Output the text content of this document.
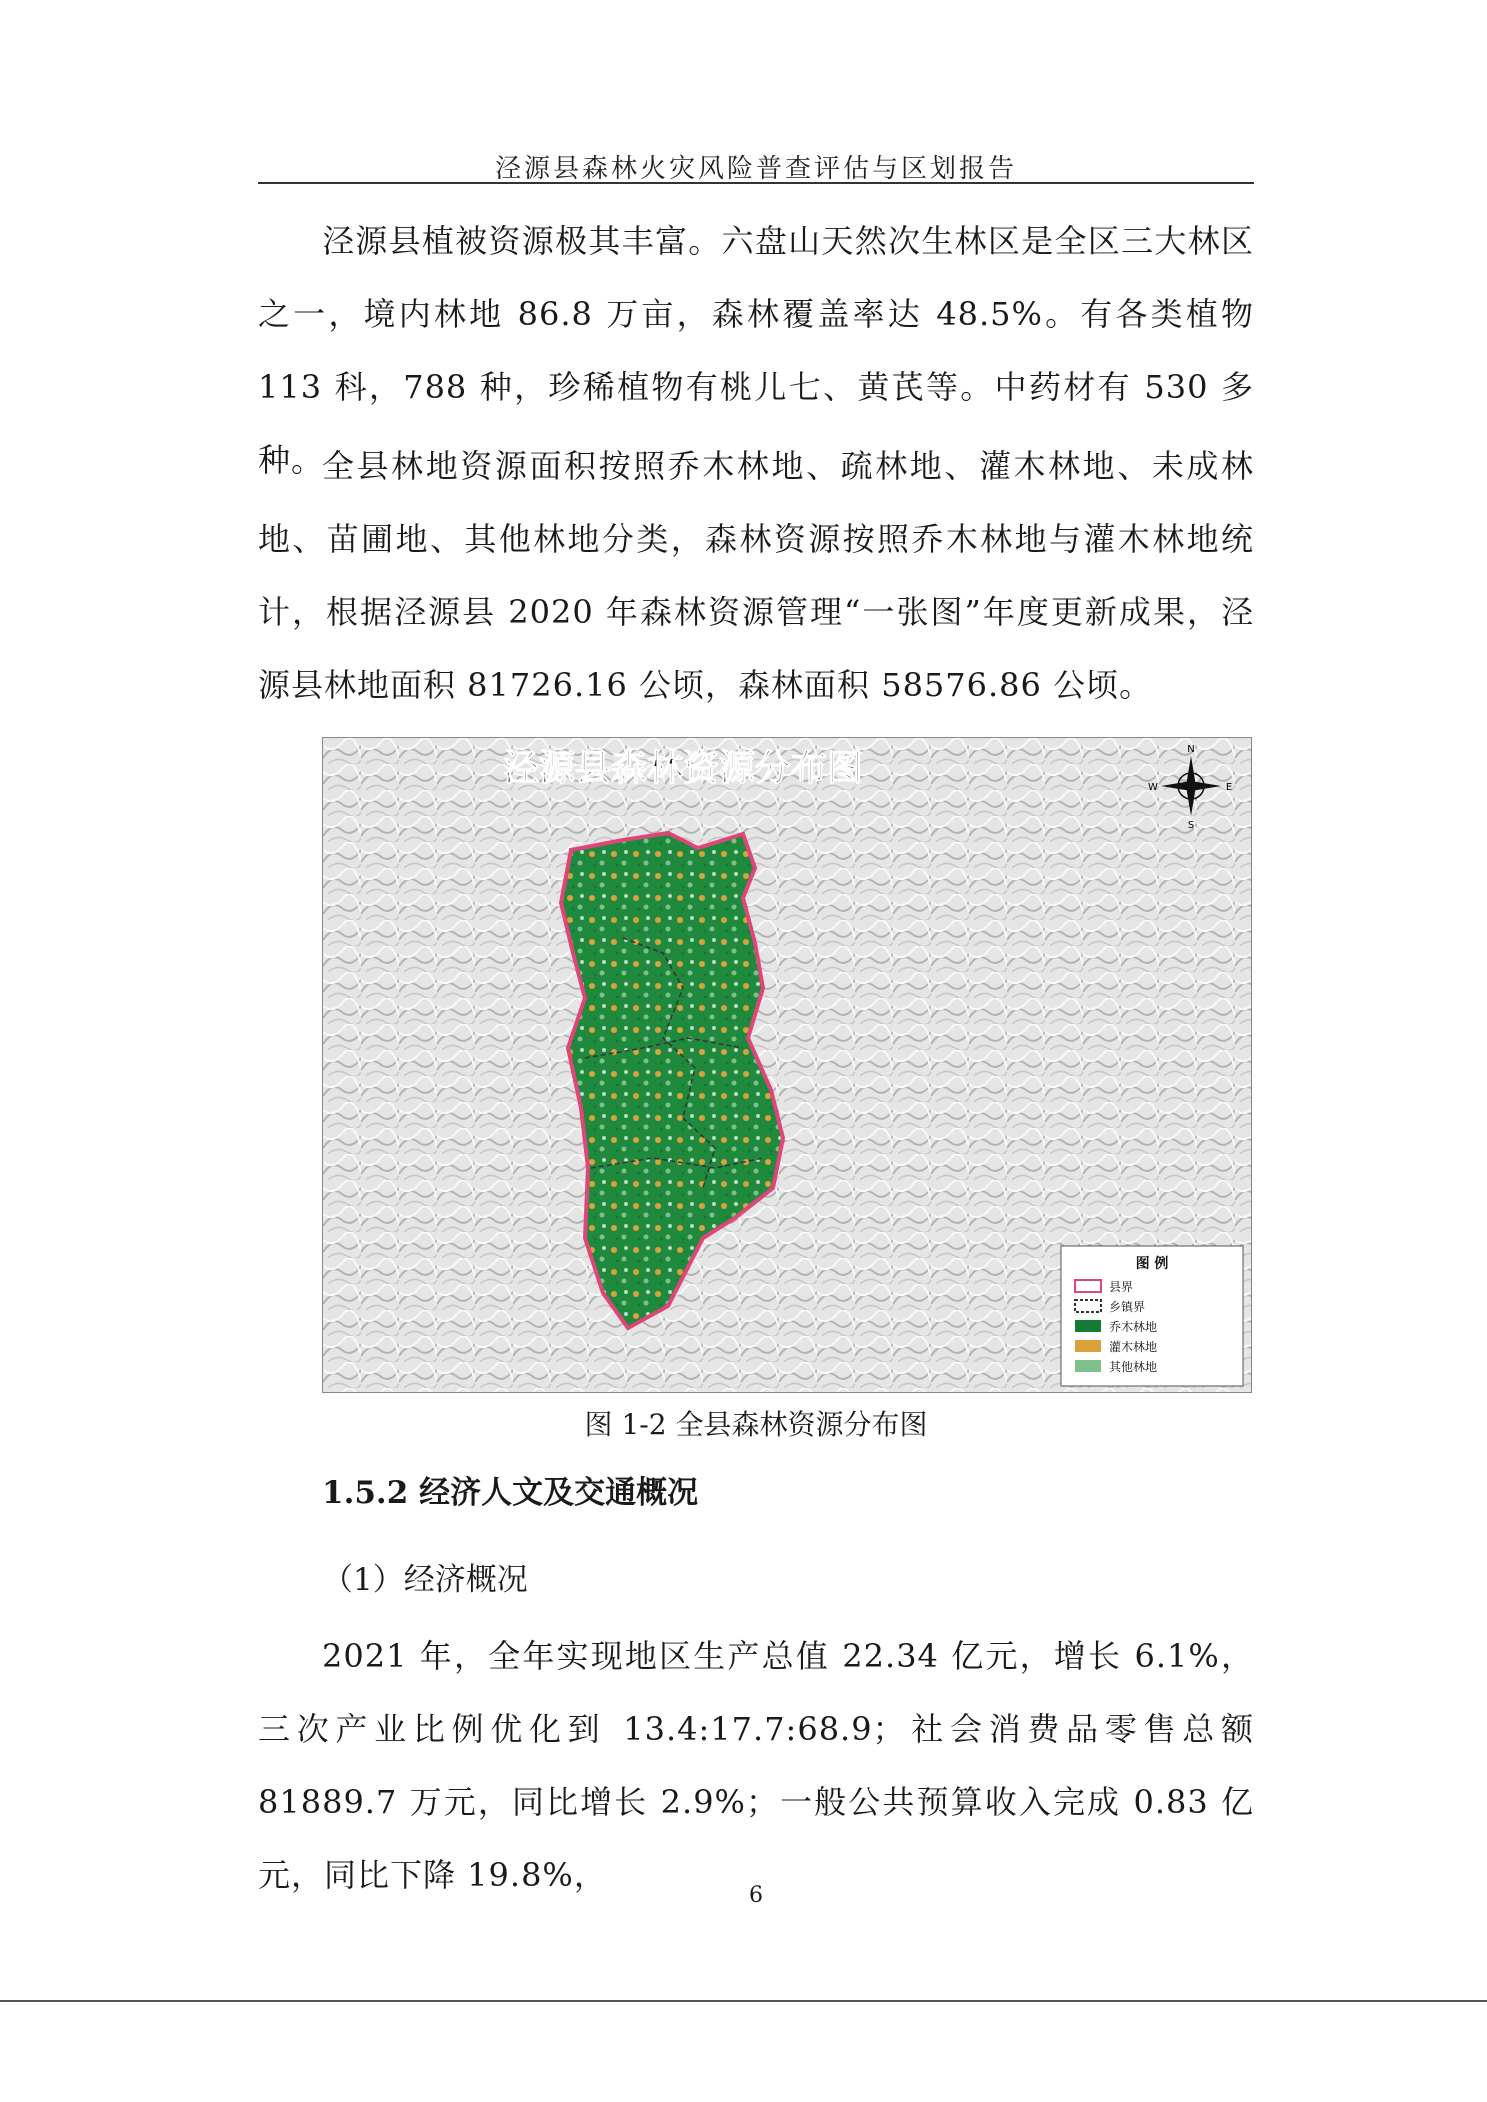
泾源县森林火灾风险普查评估与区划报告

泾源县植被资源极其丰富。六盘山天然次生林区是全区三大林区之一，境内林地 86.8 万亩，森林覆盖率达 48.5%。有各类植物 113 科，788 种，珍稀植物有桃儿七、黄芪等。中药材有 530 多种。

全县林地资源面积按照乔木林地、疏林地、灌木林地、未成林地、苗圃地、其他林地分类，森林资源按照乔木林地与灌木林地统计，根据泾源县 2020 年森林资源管理“一张图”年度更新成果，泾源县林地面积 81726.16 公顷，森林面积 58576.86 公顷。

泾源县森林资源分布图	N
S
W	E
图 例
县界
乡镇界
乔木林地
灌木林地
其他林地
图 1-2 全县森林资源分布图
1.5.2 经济人文及交通概况
（1）经济概况

2021 年，全年实现地区生产总值 22.34 亿元，增长 6.1%，三次产业比例优化到 13.4:17.7:68.9；社会消费品零售总额 81889.7 万元，同比增长 2.9%；一般公共预算收入完成 0.83 亿元，同比下降 19.8%，

6
